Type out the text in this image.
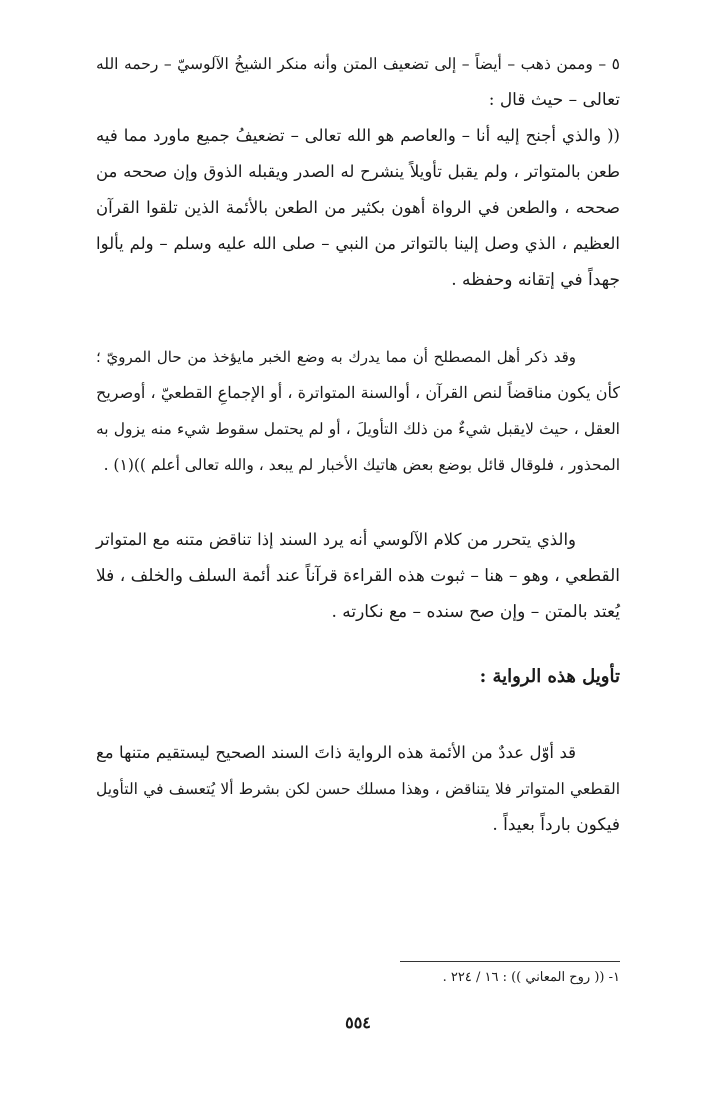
٥ – وممن ذهب – أيضاً – إلى تضعيف المتن وأنه منكر الشيخُ الآلوسيّ – رحمه الله
تعالى – حيث قال :
(( والذي أجنح إليه أنا – والعاصم هو الله تعالى – تضعيفُ جميع ماورد مما فيه
طعن بالمتواتر ، ولم يقبل تأويلاً ينشرح له الصدر ويقبله الذوق وإن صححه من
صححه ، والطعن في الرواة أهون بكثير من الطعن بالأئمة الذين تلقوا القرآن
العظيم ، الذي وصل إلينا بالتواتر من النبي – صلى الله عليه وسلم – ولم يألوا
جهداً في إتقانه وحفظه .
وقد ذكر أهل المصطلح أن مما يدرك به وضع الخبر مايؤخذ من حال المرويّ ؛
كأن يكون مناقضاً لنص القرآن ، أوالسنة المتواترة ، أو الإجماعِ القطعيّ ، أوصريح
العقل ، حيث لايقبل شيءٌ من ذلك التأويلَ ، أو لم يحتمل سقوط شيء منه يزول به
المحذور ، فلوقال قائل بوضع بعض هاتيك الأخبار لم يبعد ، والله تعالى أعلم ))(١) .
والذي يتحرر من كلام الآلوسي أنه يرد السند إذا تناقض متنه مع المتواتر
القطعي ، وهو – هنا – ثبوت هذه القراءة قرآناً عند أئمة السلف والخلف ، فلا
يُعتد بالمتن – وإن صح سنده – مع نكارته .
تأويل هذه الرواية :
قد أوّل عددٌ من الأئمة هذه الرواية ذاتَ السند الصحيح ليستقيم متنها مع
القطعي المتواتر فلا يتناقض ، وهذا مسلك حسن لكن بشرط ألا يُتعسف في التأويل
فيكون بارداً بعيداً .
١- (( روح المعاني )) : ١٦ / ٢٢٤ .
٥٥٤
